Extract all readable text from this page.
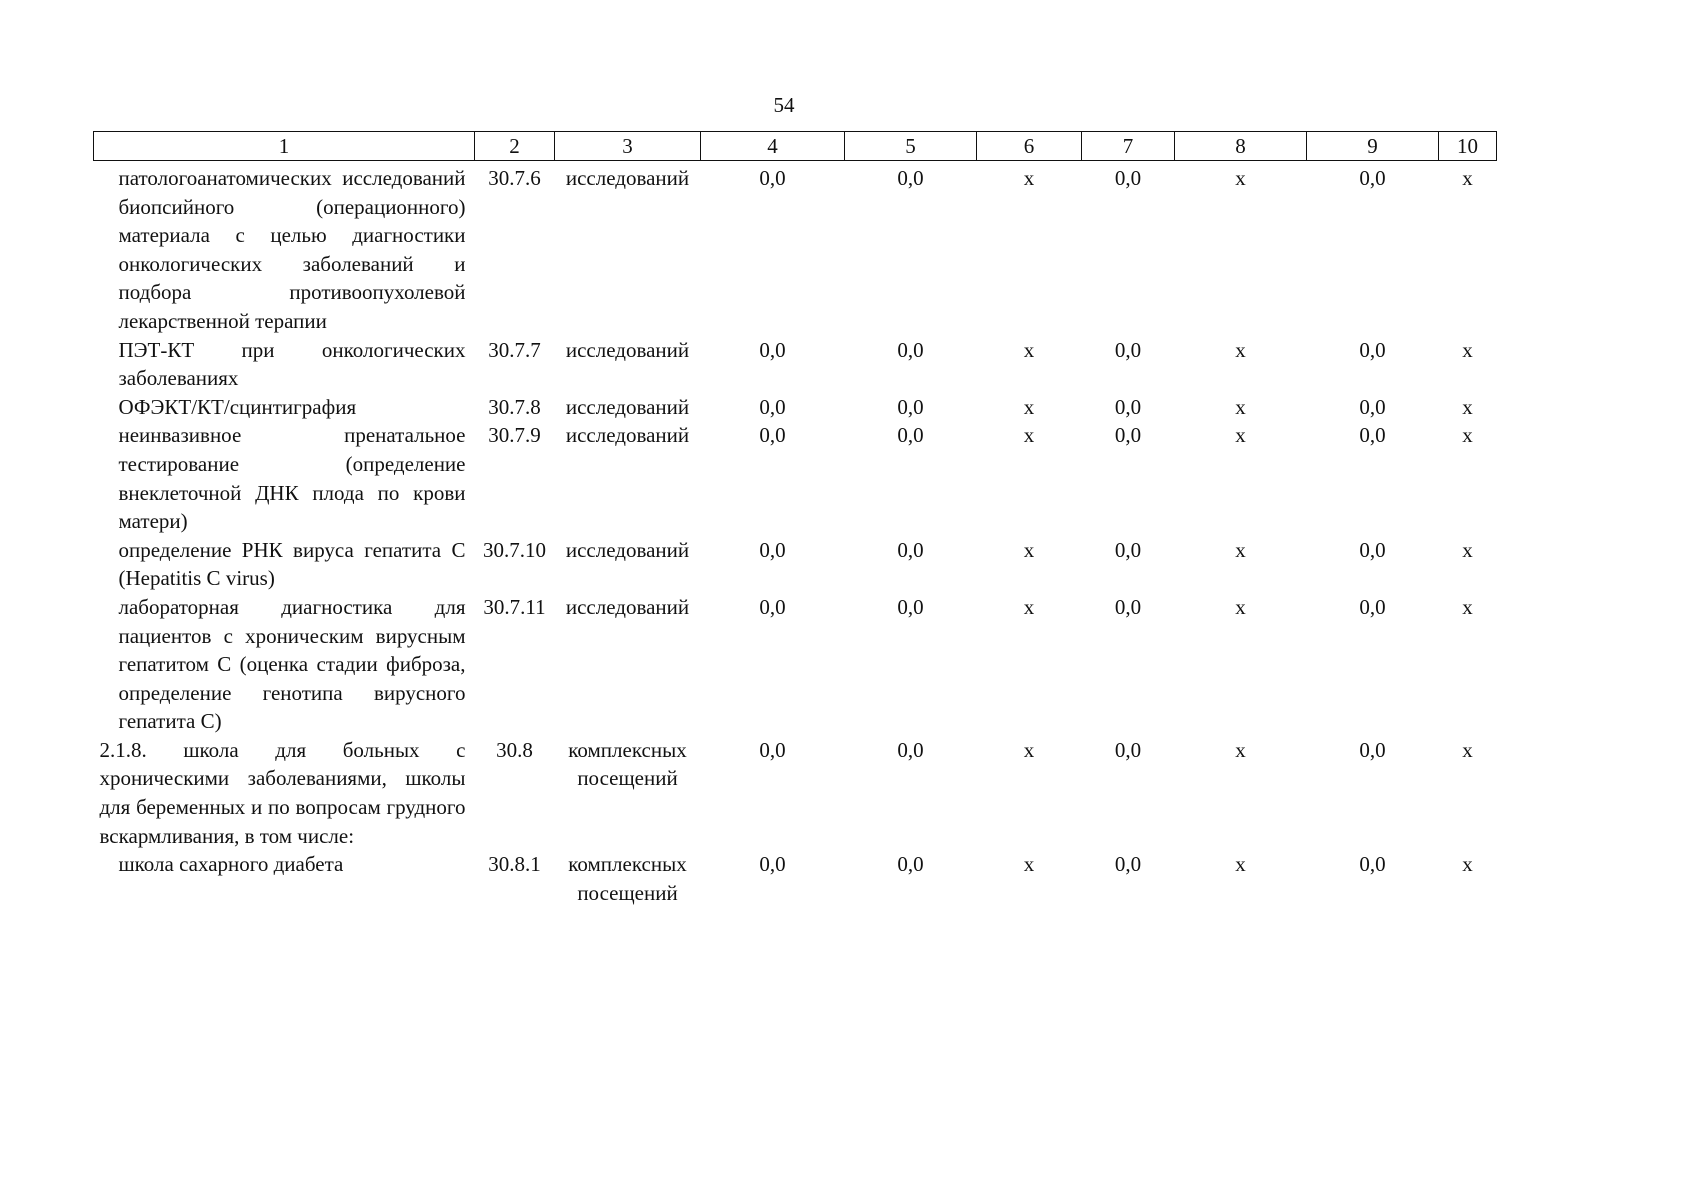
54
1	2	3	4	5	6	7	8	9	10
патологоанатомических исследований биопсийного (операционного) материала с целью диагностики онкологических заболеваний и подбора противоопухолевой лекарственной терапии	30.7.6	исследований	0,0	0,0	х	0,0	х	0,0	х
ПЭТ-КТ при онкологических заболеваниях	30.7.7	исследований	0,0	0,0	х	0,0	х	0,0	х
ОФЭКТ/КТ/сцинтиграфия	30.7.8	исследований	0,0	0,0	х	0,0	х	0,0	х
неинвазивное пренатальное тестирование (определение внеклеточной ДНК плода по крови матери)	30.7.9	исследований	0,0	0,0	х	0,0	х	0,0	х
определение РНК вируса гепатита С (Hepatitis C virus)	30.7.10	исследований	0,0	0,0	х	0,0	х	0,0	х
лабораторная диагностика для пациентов с хроническим вирусным гепатитом С (оценка стадии фиброза, определение генотипа вирусного гепатита С)	30.7.11	исследований	0,0	0,0	х	0,0	х	0,0	х
2.1.8. школа для больных с хроническими заболеваниями, школы для беременных и по вопросам грудного вскармливания, в том числе:	30.8	комплексных посещений	0,0	0,0	х	0,0	х	0,0	х
школа сахарного диабета	30.8.1	комплексных посещений	0,0	0,0	х	0,0	х	0,0	х
